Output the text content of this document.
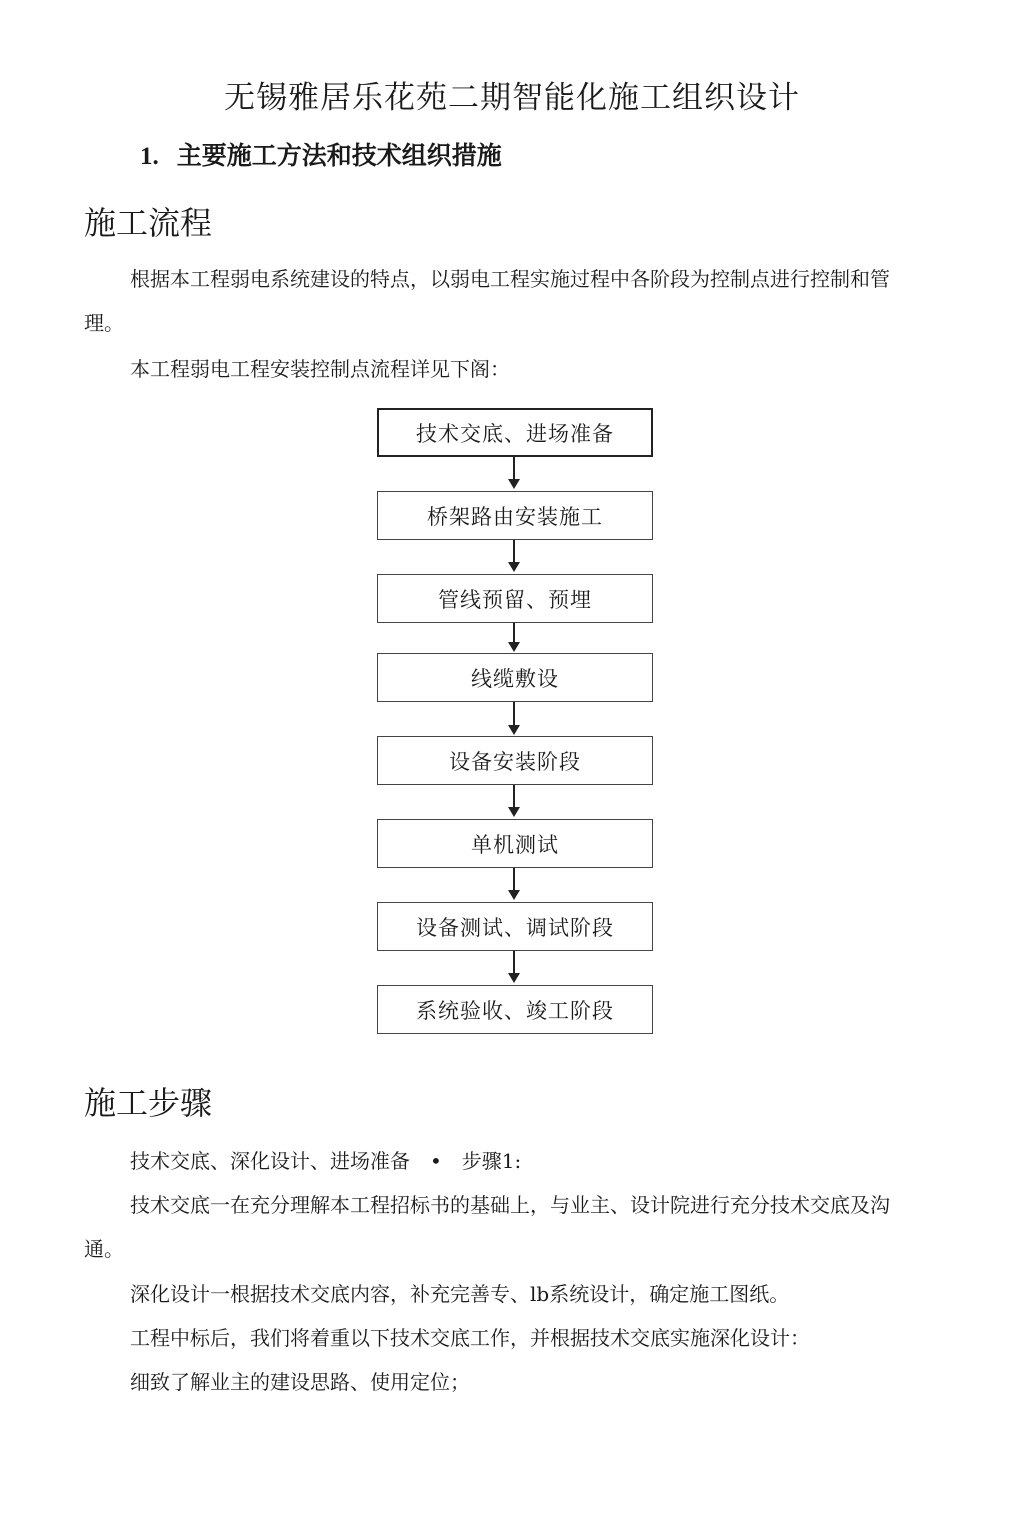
无锡雅居乐花苑二期智能化施工组织设计
1. 主要施工方法和技术组织措施
施工流程

根据本工程弱电系统建设的特点，以弱电工程实施过程中各阶段为控制点进行控制和管理。

本工程弱电工程安装控制点流程详见下阁：

技术交底、进场准备
桥架路由安装施工
管线预留、预埋
线缆敷设
设备安装阶段
单机测试
设备测试、调试阶段
系统验收、竣工阶段
施工步骤

技术交底、深化设计、进场准备　•　步骤1:

技术交底一在充分理解本工程招标书的基础上，与业主、设计院进行充分技术交底及沟通。

深化设计一根据技术交底内容，补充完善专、lb系统设计，确定施工图纸。

工程中标后，我们将着重以下技术交底工作，并根据技术交底实施深化设计：

细致了解业主的建设思路、使用定位；
